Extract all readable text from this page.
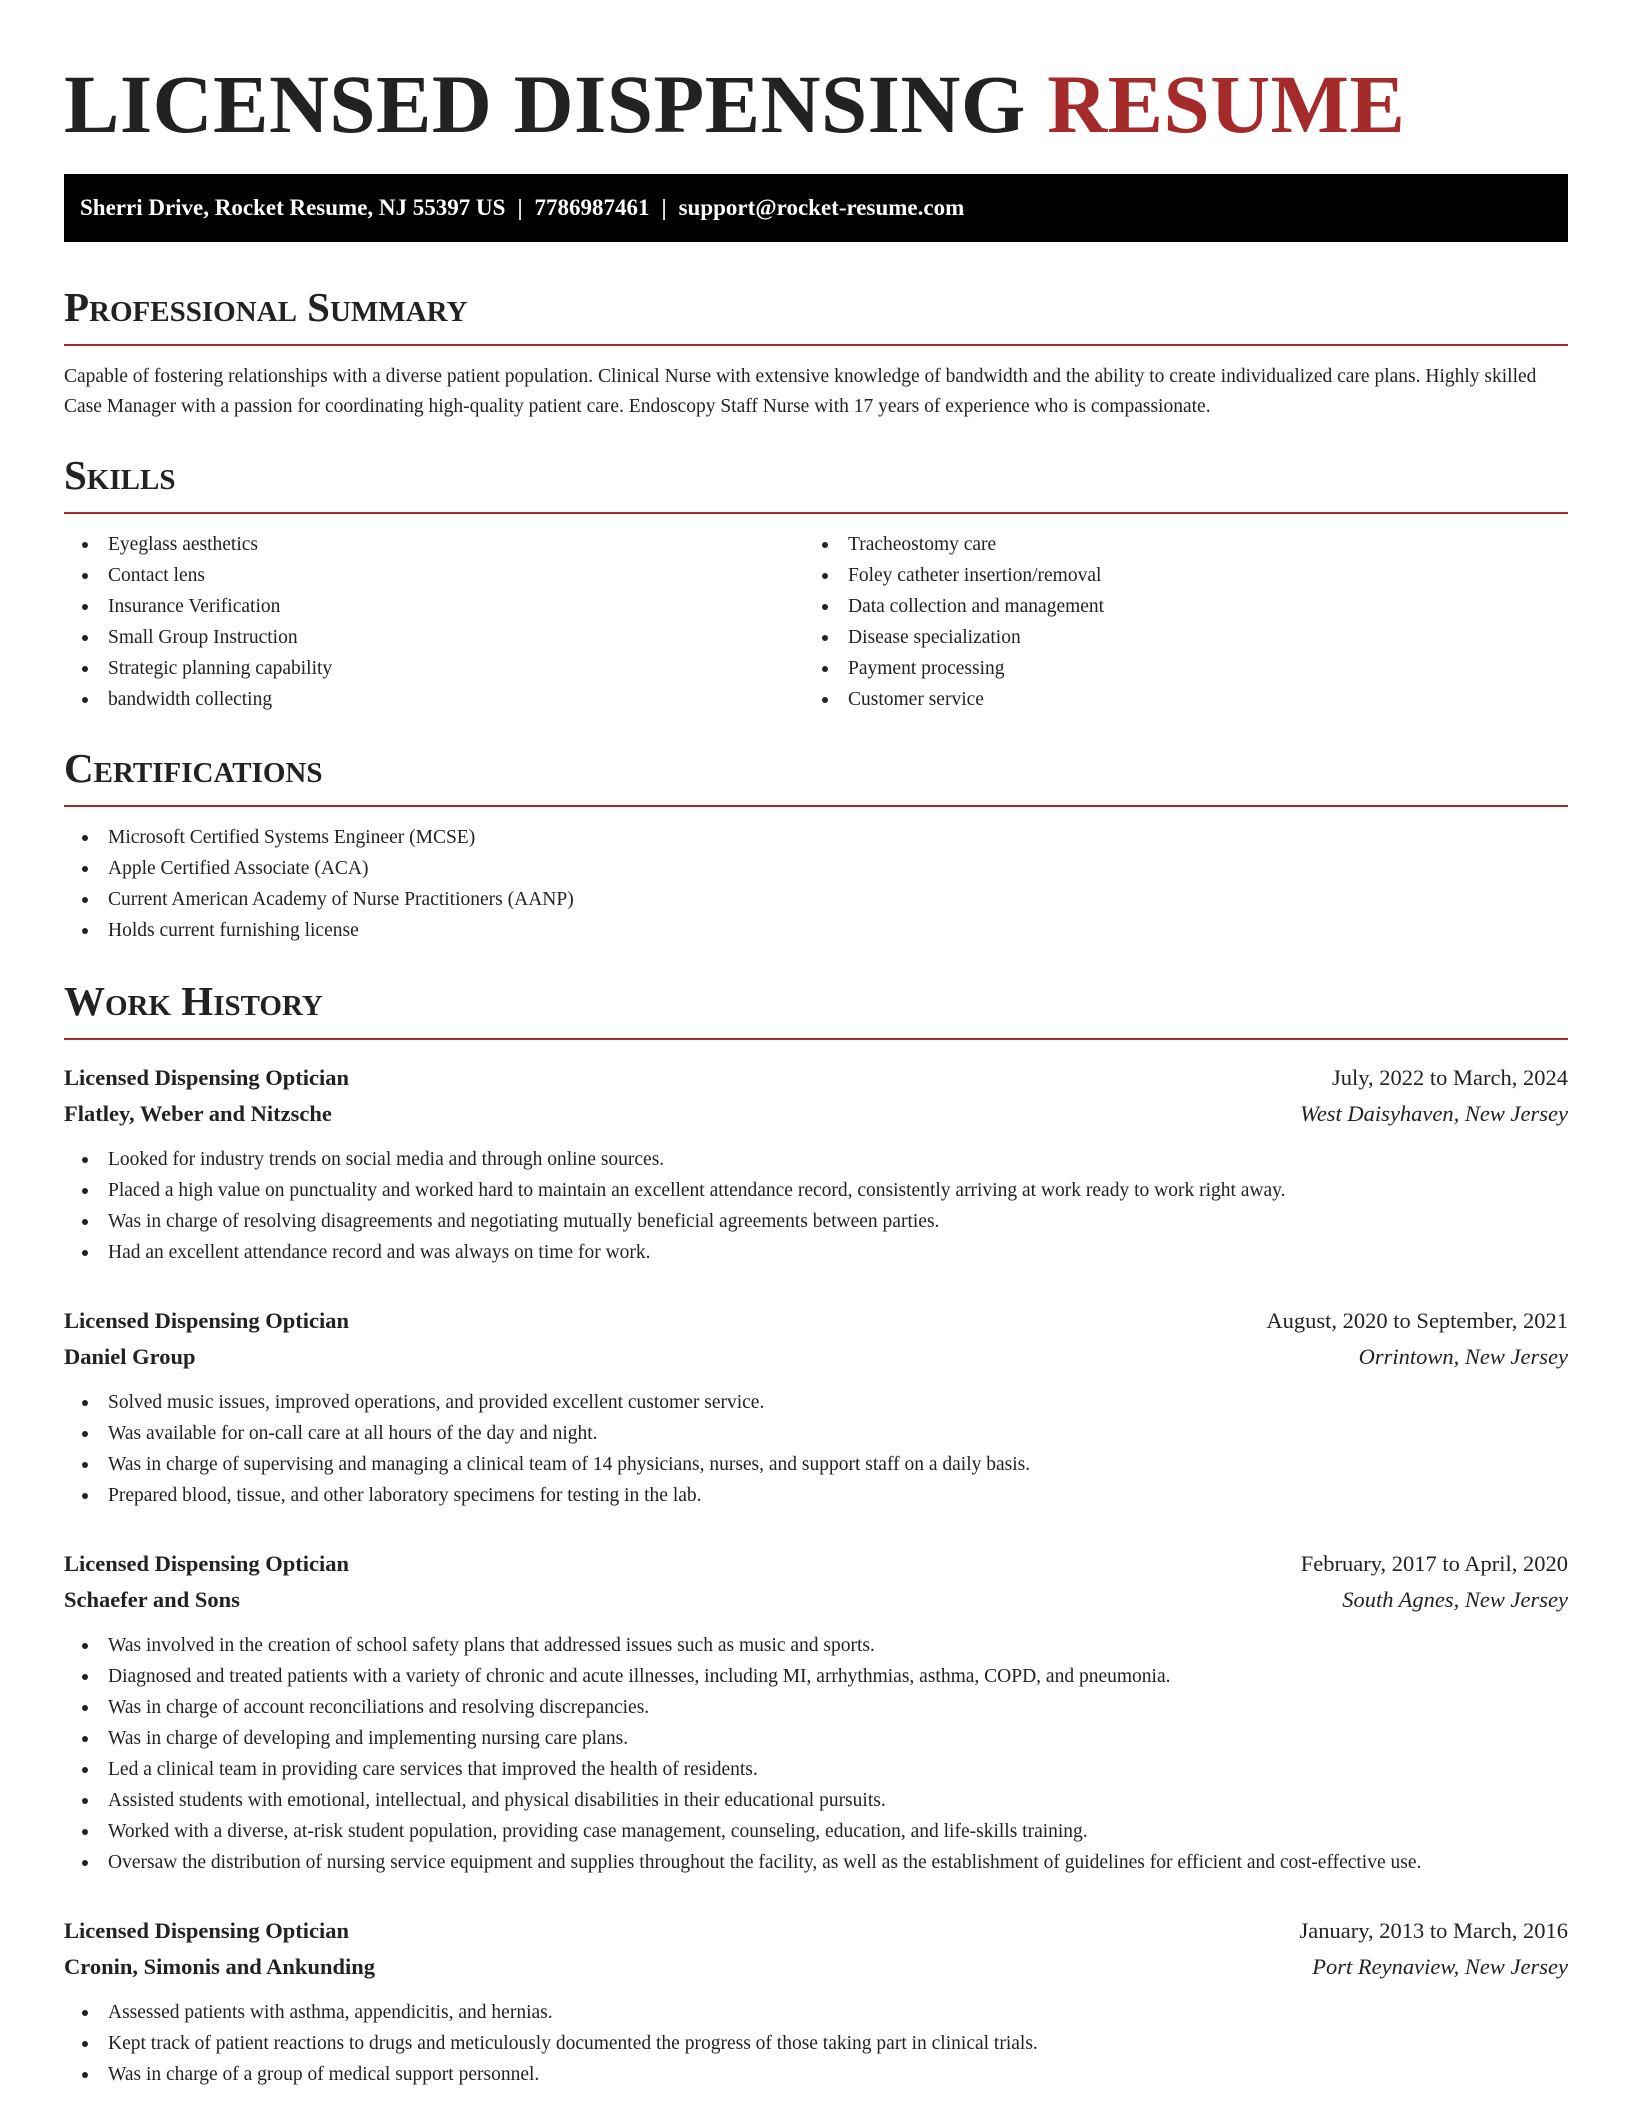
LICENSED DISPENSING RESUME
Sherri Drive, Rocket Resume, NJ 55397 US | 7786987461 | support@rocket-resume.com
Professional Summary

Capable of fostering relationships with a diverse patient population. Clinical Nurse with extensive knowledge of bandwidth and the ability to create individualized care plans. Highly skilled Case Manager with a passion for coordinating high-quality patient care. Endoscopy Staff Nurse with 17 years of experience who is compassionate.

Skills
Eyeglass aesthetics
Contact lens
Insurance Verification
Small Group Instruction
Strategic planning capability
bandwidth collecting
Tracheostomy care
Foley catheter insertion/removal
Data collection and management
Disease specialization
Payment processing
Customer service
Certifications
Microsoft Certified Systems Engineer (MCSE)
Apple Certified Associate (ACA)
Current American Academy of Nurse Practitioners (AANP)
Holds current furnishing license
Work History
Licensed Dispensing Optician	July, 2022 to March, 2024
Flatley, Weber and Nitzsche	West Daisyhaven, New Jersey
Looked for industry trends on social media and through online sources.
Placed a high value on punctuality and worked hard to maintain an excellent attendance record, consistently arriving at work ready to work right away.
Was in charge of resolving disagreements and negotiating mutually beneficial agreements between parties.
Had an excellent attendance record and was always on time for work.
Licensed Dispensing Optician	August, 2020 to September, 2021
Daniel Group	Orrintown, New Jersey
Solved music issues, improved operations, and provided excellent customer service.
Was available for on-call care at all hours of the day and night.
Was in charge of supervising and managing a clinical team of 14 physicians, nurses, and support staff on a daily basis.
Prepared blood, tissue, and other laboratory specimens for testing in the lab.
Licensed Dispensing Optician	February, 2017 to April, 2020
Schaefer and Sons	South Agnes, New Jersey
Was involved in the creation of school safety plans that addressed issues such as music and sports.
Diagnosed and treated patients with a variety of chronic and acute illnesses, including MI, arrhythmias, asthma, COPD, and pneumonia.
Was in charge of account reconciliations and resolving discrepancies.
Was in charge of developing and implementing nursing care plans.
Led a clinical team in providing care services that improved the health of residents.
Assisted students with emotional, intellectual, and physical disabilities in their educational pursuits.
Worked with a diverse, at-risk student population, providing case management, counseling, education, and life-skills training.
Oversaw the distribution of nursing service equipment and supplies throughout the facility, as well as the establishment of guidelines for efficient and cost-effective use.
Licensed Dispensing Optician	January, 2013 to March, 2016
Cronin, Simonis and Ankunding	Port Reynaview, New Jersey
Assessed patients with asthma, appendicitis, and hernias.
Kept track of patient reactions to drugs and meticulously documented the progress of those taking part in clinical trials.
Was in charge of a group of medical support personnel.
